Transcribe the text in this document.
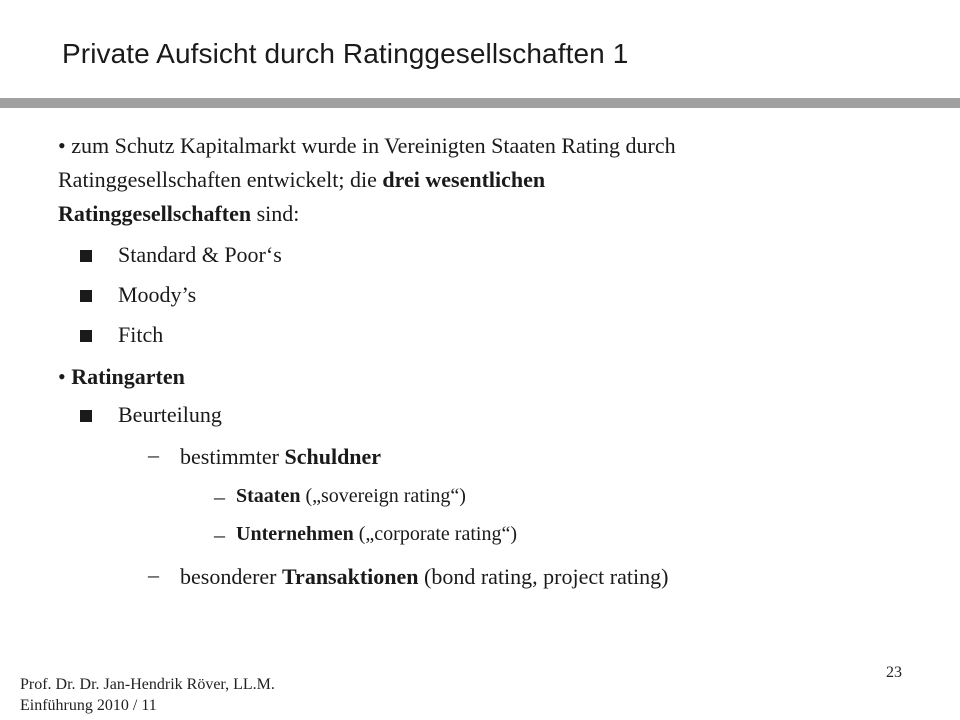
Private Aufsicht durch Ratinggesellschaften 1
• zum Schutz Kapitalmarkt wurde in Vereinigten Staaten Rating durch
Ratinggesellschaften entwickelt; die drei wesentlichen
Ratinggesellschaften sind:
Standard & Poor‘s
Moody’s
Fitch
• Ratingarten
Beurteilung
– bestimmter Schuldner
– Staaten („sovereign rating“)
– Unternehmen („corporate rating“)
– besonderer Transaktionen (bond rating, project rating)
Prof. Dr. Dr. Jan-Hendrik Röver, LL.M.
Einführung 2010 / 11
23
